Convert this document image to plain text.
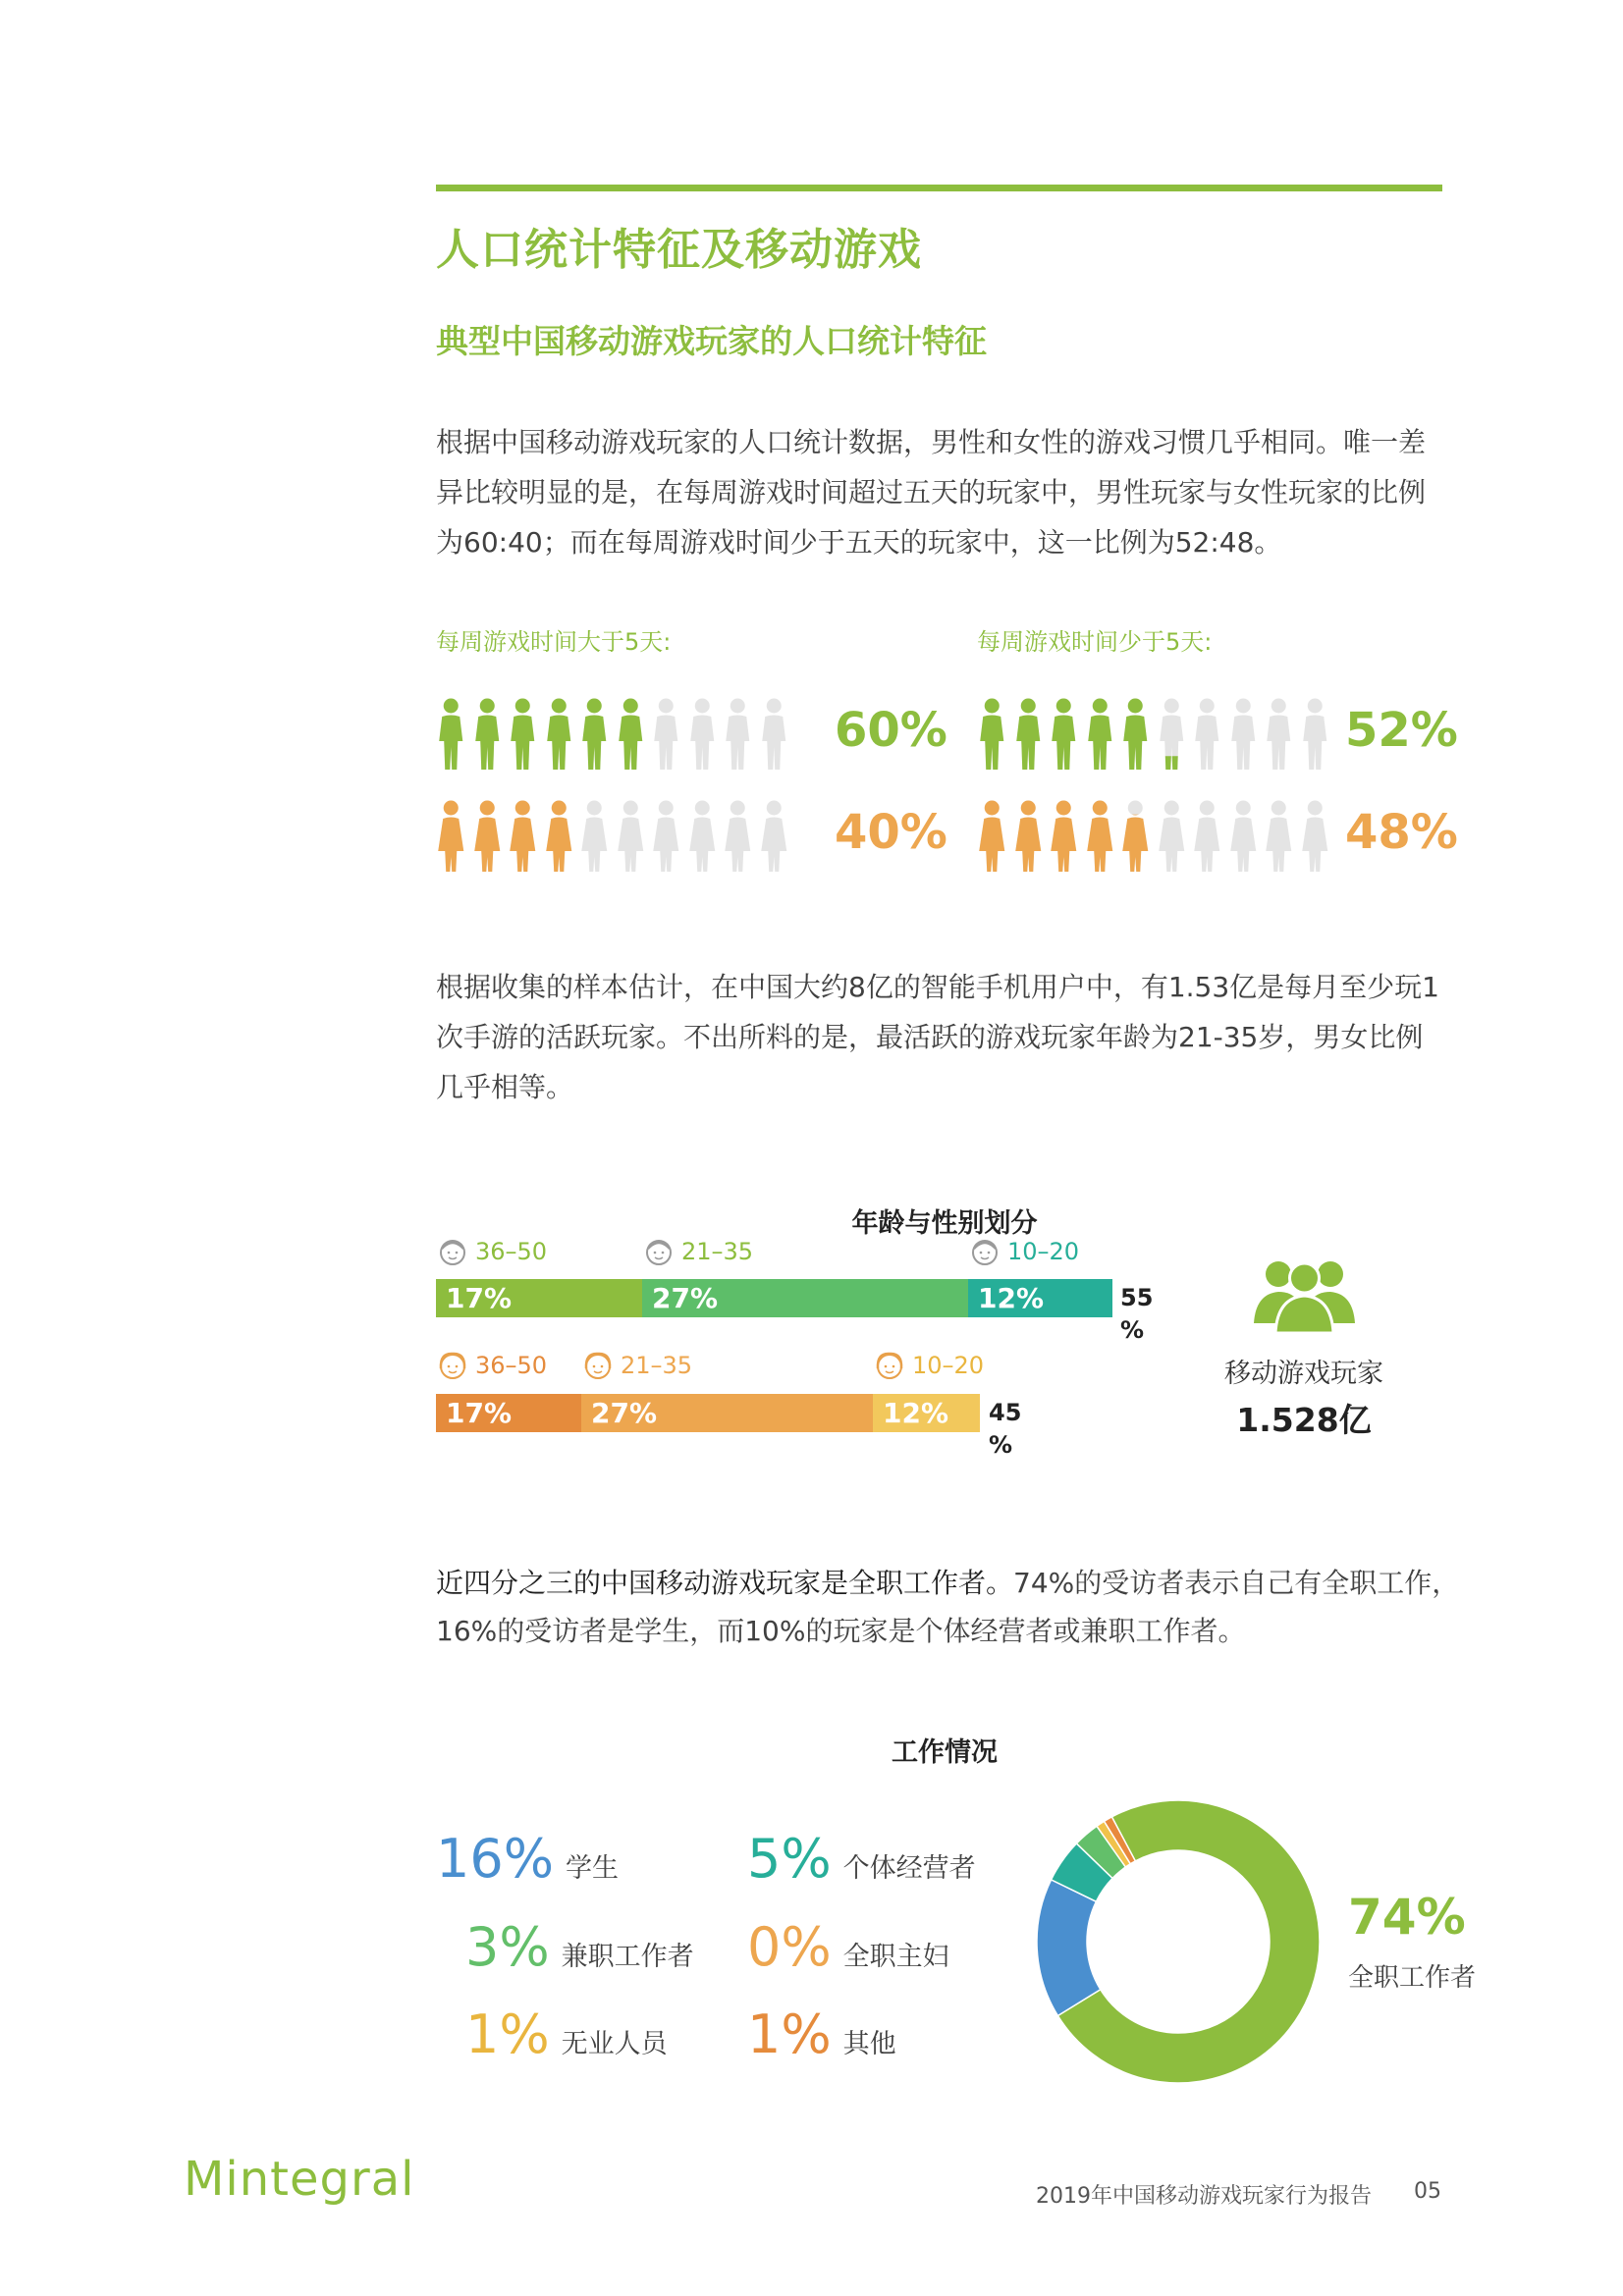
人口统计特征及移动游戏
典型中国移动游戏玩家的人口统计特征
根据中国移动游戏玩家的人口统计数据，男性和女性的游戏习惯几乎相同。唯一差
异比较明显的是，在每周游戏时间超过五天的玩家中，男性玩家与女性玩家的比例
为60:40；而在每周游戏时间少于五天的玩家中，这一比例为52:48。
每周游戏时间大于5天:	每周游戏时间少于5天:
60%
40%
52%
48%
根据收集的样本估计，在中国大约8亿的智能手机用户中，有1.53亿是每月至少玩1
次手游的活跃玩家。不出所料的是，最活跃的游戏玩家年龄为21-35岁，男女比例
几乎相等。
年龄与性别划分
36–50	21–35	10–20
17%	27%	12%	55
%
36–50	21–35	10–20
17%	27%	12%	45
%
移动游戏玩家
1.528亿
近四分之三的中国移动游戏玩家是全职工作者。74%的受访者表示自己有全职工作，
16%的受访者是学生，而10%的玩家是个体经营者或兼职工作者。
工作情况
16% 学生 5% 个体经营者
3% 兼职工作者 0% 全职主妇
1% 无业人员 1% 其他
74%
全职工作者
Mintegral	2019年中国移动游戏玩家行为报告 05
